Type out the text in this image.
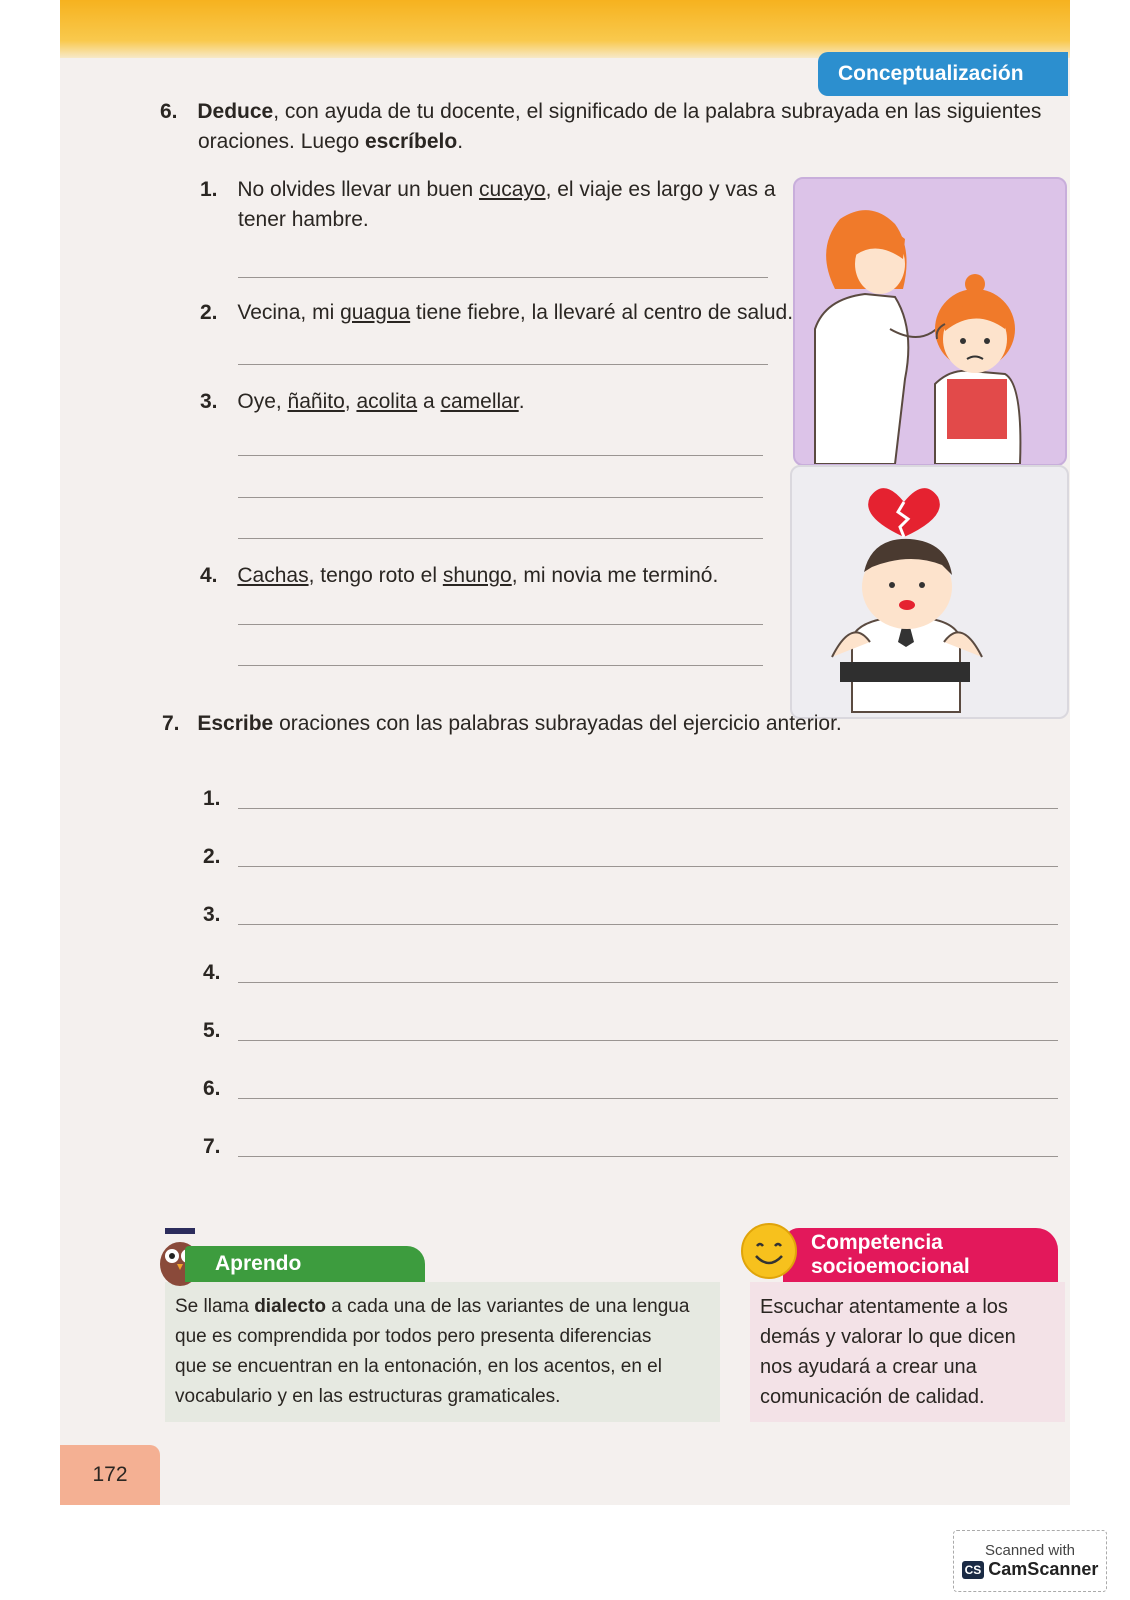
Conceptualización
6. Deduce, con ayuda de tu docente, el significado de la palabra subrayada en las siguientes
oraciones. Luego escríbelo.
1. No olvides llevar un buen cucayo, el viaje es largo y vas a
tener hambre.
2. Vecina, mi guagua tiene fiebre, la llevaré al centro de salud.
3. Oye, ñañito, acolita a camellar.
4. Cachas, tengo roto el shungo, mi novia me terminó.
7. Escribe oraciones con las palabras subrayadas del ejercicio anterior.
1.
2.
3.
4.
5.
6.
7.
Aprendo
Se llama dialecto a cada una de las variantes de una lengua
que es comprendida por todos pero presenta diferencias
que se encuentran en la entonación, en los acentos, en el
vocabulario y en las estructuras gramaticales.
Competencia
socioemocional
Escuchar atentamente a los
demás y valorar lo que dicen
nos ayudará a crear una
comunicación de calidad.
172
Scanned with
CS CamScanner
